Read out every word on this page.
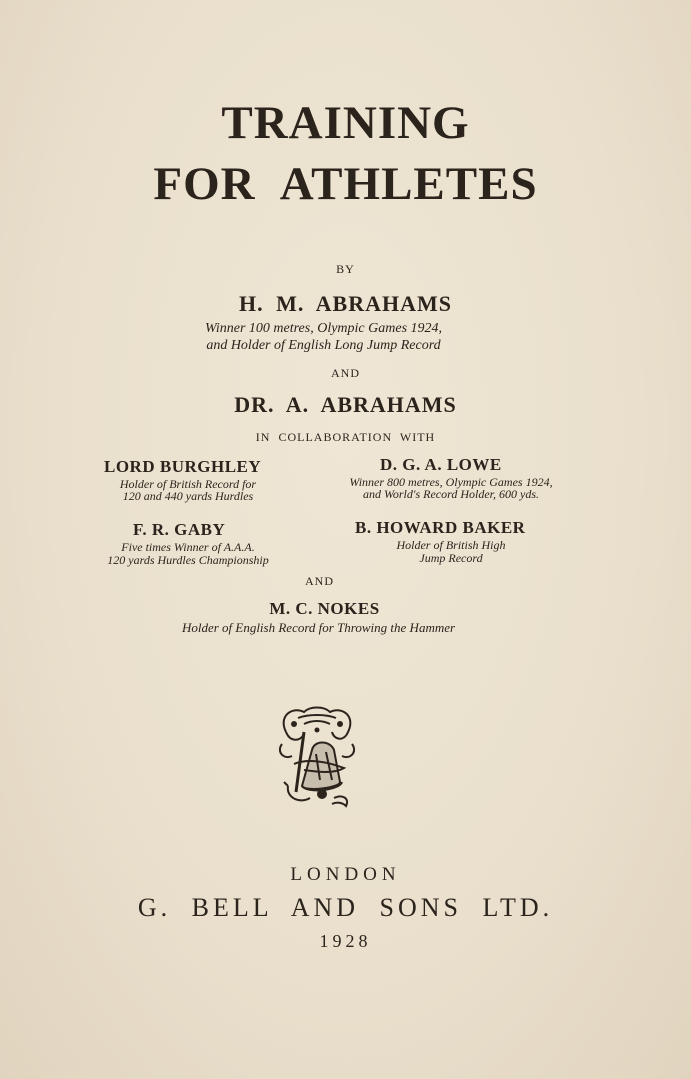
TRAINING
FOR ATHLETES
BY
H. M. ABRAHAMS
Winner 100 metres, Olympic Games 1924,
and Holder of English Long Jump Record
AND
DR. A. ABRAHAMS
IN COLLABORATION WITH
LORD BURGHLEY
Holder of British Record for
120 and 440 yards Hurdles
D. G. A. LOWE
Winner 800 metres, Olympic Games 1924,
and World's Record Holder, 600 yds.
F. R. GABY
Five times Winner of A.A.A.
120 yards Hurdles Championship
B. HOWARD BAKER
Holder of British High
Jump Record
AND
M. C. NOKES
Holder of English Record for Throwing the Hammer
LONDON
G. BELL AND SONS LTD.
1928
